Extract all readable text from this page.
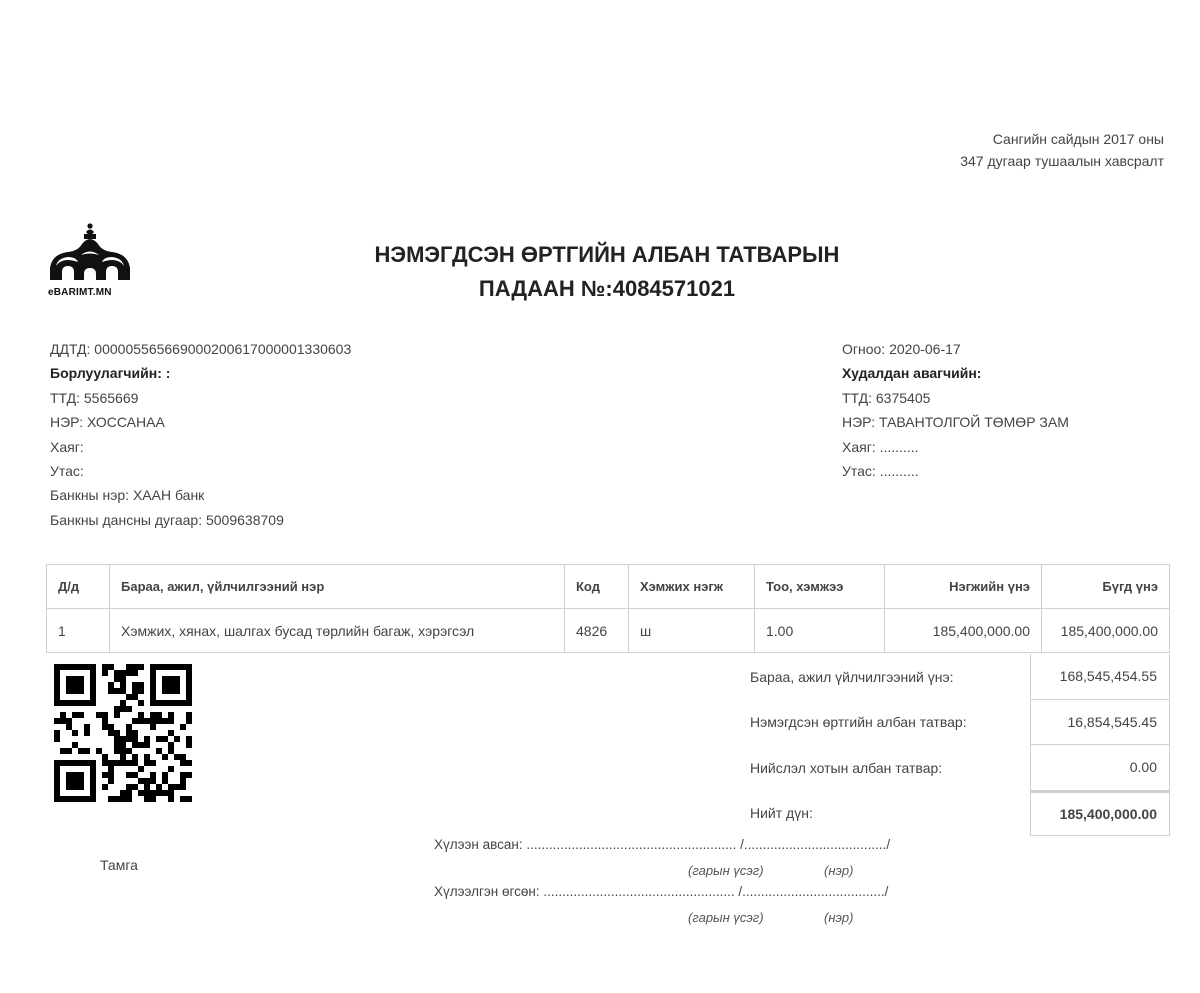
Сангийн сайдын 2017 оны
347 дугаар тушаалын хавсралт
eBARIMT.MN
НЭМЭГДСЭН ӨРТГИЙН АЛБАН ТАТВАРЫН
ПАДААН №:4084571021
ДДТД: 000005565669000200617000001330603
Борлуулагчийн: :
ТТД: 5565669
НЭР: ХОССАНАА
Хаяг:
Утас:
Банкны нэр: ХААН банк
Банкны дансны дугаар: 5009638709
Огноо: 2020-06-17
Худалдан авагчийн:
ТТД: 6375405
НЭР: ТАВАНТОЛГОЙ ТӨМӨР ЗАМ
Хаяг: ..........
Утас: ..........
Д/д	Бараа, ажил, үйлчилгээний нэр	Код	Хэмжих нэгж	Тоо, хэмжээ	Нэгжийн үнэ	Бүгд үнэ
1	Хэмжих, хянах, шалгах бусад төрлийн багаж, хэрэгсэл	4826	ш	1.00	185,400,000.00	185,400,000.00
Бараа, ажил үйлчилгээний үнэ:	168,545,454.55
Нэмэгдсэн өртгийн албан татвар:	16,854,545.45
Нийслэл хотын албан татвар:	0.00
Нийт дүн:	185,400,000.00
Тамга
Хүлээн авсан: ........................................................ /....................................../
(гарын үсэг)	(нэр)
Хүлээлгэн өгсөн: ................................................... /....................................../
(гарын үсэг)	(нэр)
